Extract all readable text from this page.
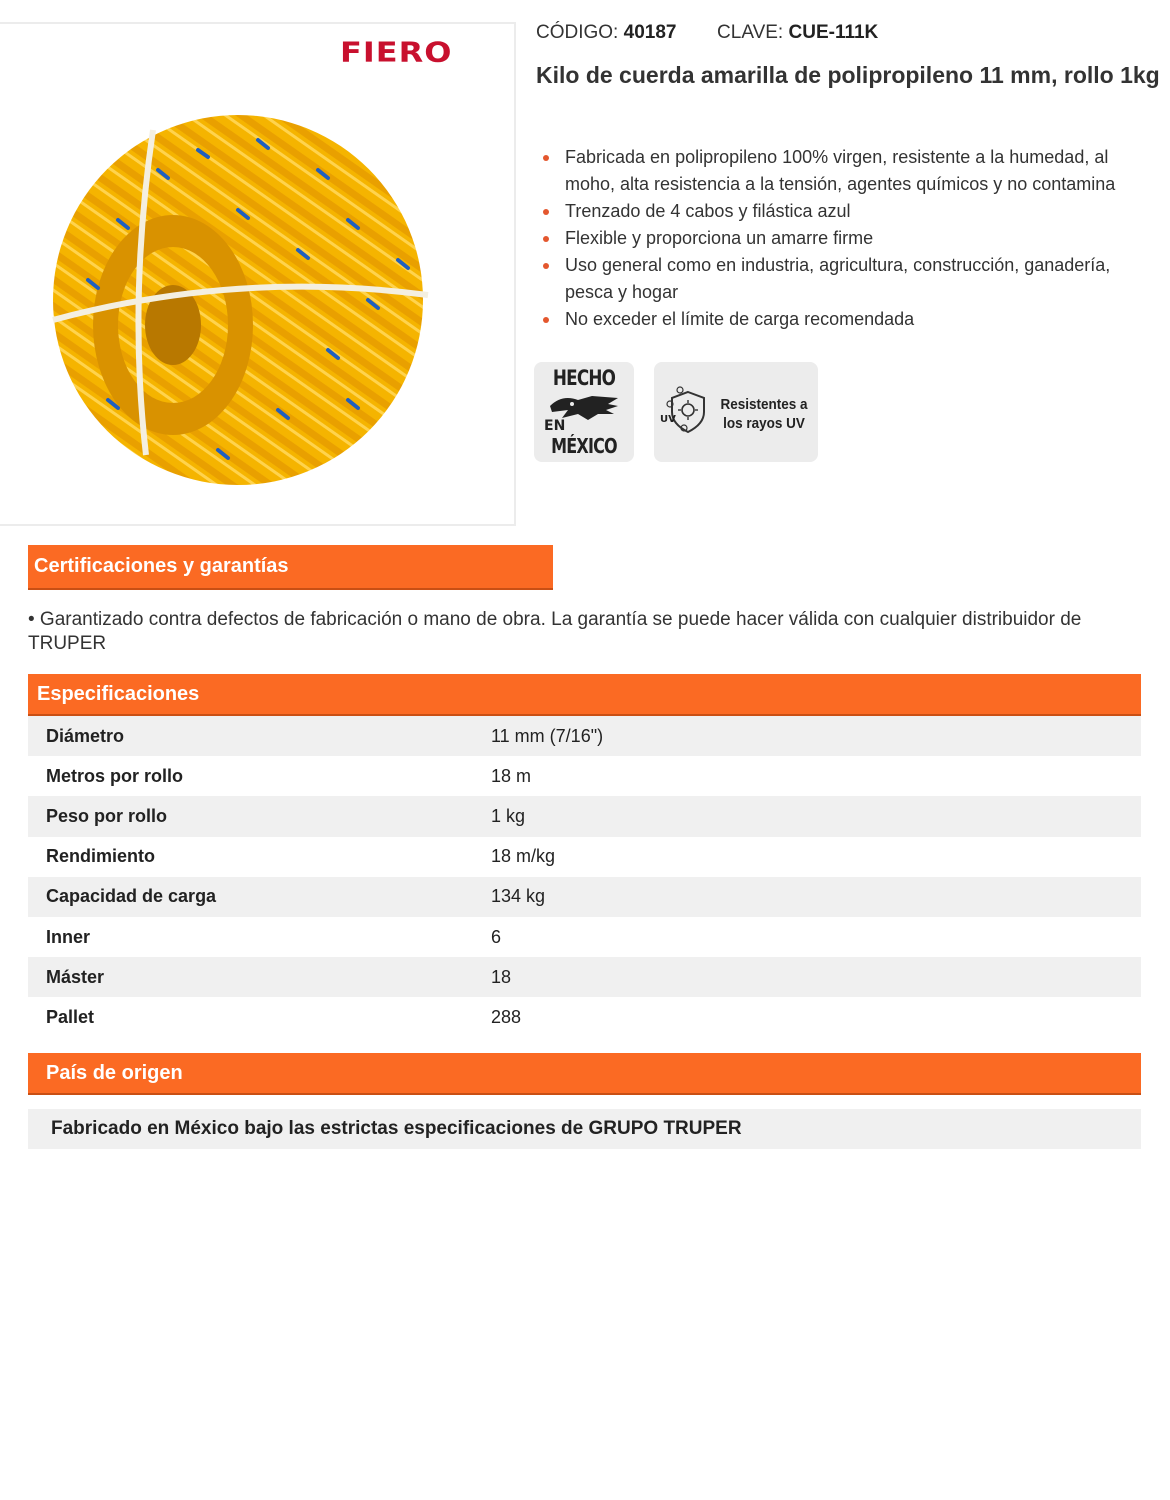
FIERO
CÓDIGO: 40187 CLAVE: CUE-111K
Kilo de cuerda amarilla de polipropileno 11 mm, rollo 1kg
Fabricada en polipropileno 100% virgen, resistente a la humedad, al moho, alta resistencia a la tensión, agentes químicos y no contamina
Trenzado de 4 cabos y filástica azul
Flexible y proporciona un amarre firme
Uso general como en industria, agricultura, construcción, ganadería, pesca y hogar
No exceder el límite de carga recomendada
HECHO
EN
MÉXICO
UV
Resistentes a
los rayos UV
Certificaciones y garantías

• Garantizado contra defectos de fabricación o mano de obra. La garantía se puede hacer válida con cualquier distribuidor de TRUPER

Especificaciones
Diámetro	11 mm (7/16")
Metros por rollo	18 m
Peso por rollo	1 kg
Rendimiento	18 m/kg
Capacidad de carga	134 kg
Inner	6
Máster	18
Pallet	288
País de origen
Fabricado en México bajo las estrictas especificaciones de GRUPO TRUPER
